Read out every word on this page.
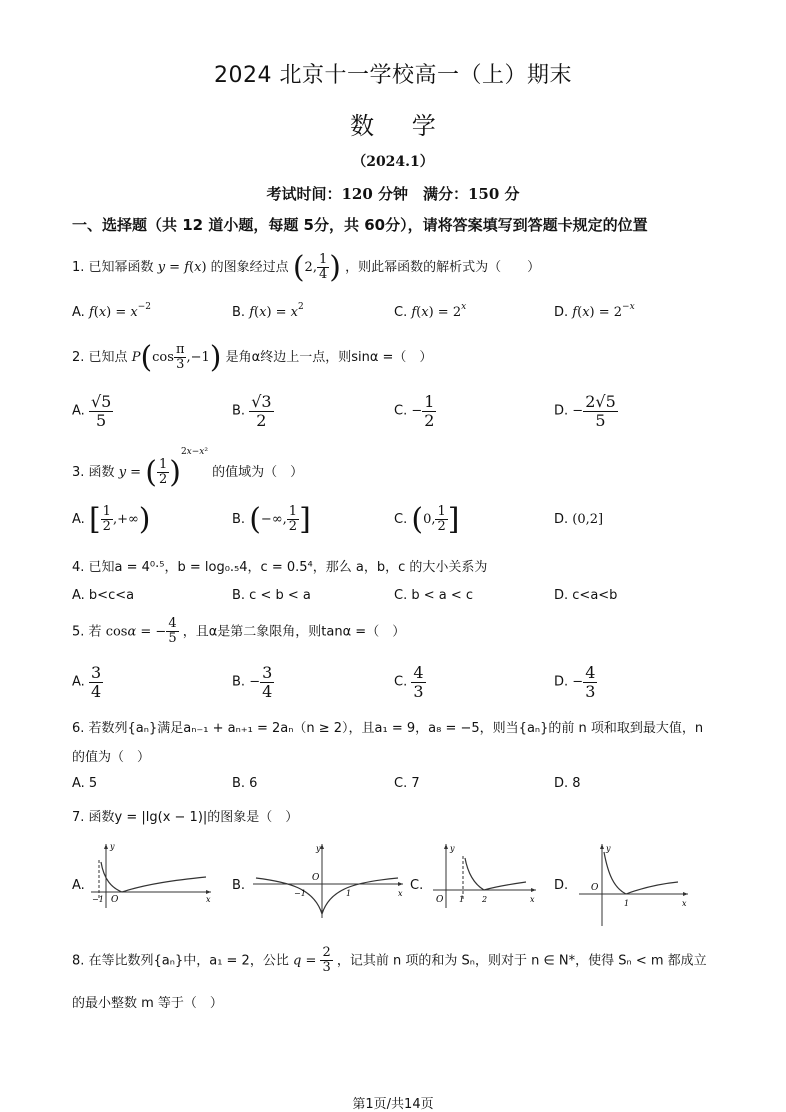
2024 北京十一学校高一（上）期末
数 学
（2024.1）
考试时间：120 分钟　满分：150 分
一、选择题（共 12 道小题，每题 5分，共 60分），请将答案填写到答题卡规定的位置
1. 已知幂函数 y = f(x) 的图象经过点 (2, $\frac{1}{4}$ ) ，则此幂函数的解析式为（　　）
A. $f(x) = x^{-2}$	B. $f(x) = x^2$	C. $f(x) = 2^x$	D. $f(x) = 2^{-x}$
2. 已知点 $P(\cos \frac{\pi}{3} ,-1)$ 是角α终边上一点，则sinα =（　）
A. $\frac{√5}{5}$	B. $\frac{√3}{2}$	C. − $\frac{1}{2}$	D. − $\frac{2√5}{5}$
3. 函数 y = ( $\frac{1}{2} )^{2x-x^2}$ 的值域为（　）
A. [ $\frac{1}{2}$ ,+∞)	B. (−∞, $\frac{1}{2}$ ]	C. (0, $\frac{1}{2}$ ]	D. (0,2]
4. 已知a = 4⁰·⁵，b = log₀.₅4，c = 0.5⁴，那么 a，b，c 的大小关系为
A. b<c<a	B. c < b < a	C. b < a < c	D. c<a<b
5. 若 cosα = − $\frac{4}{5}$ ，且α是第二象限角，则tanα =（　）
A. $\frac{3}{4}$	B. − $\frac{3}{4}$	C. $\frac{4}{3}$	D. − $\frac{4}{3}$
6. 若数列{aₙ}满足aₙ₋₁ + aₙ₊₁ = 2aₙ（n ≥ 2），且a₁ = 9，a₈ = −5，则当{aₙ}的前 n 项和取到最大值，n
的值为（　）
A. 5	B. 6	C. 7	D. 8
7. 函数y = |lg(x − 1)|的图象是（　）
A.
O
−1	x
y
B.	O
−1	1	x
y
C.
O 1 2	x
y
D.	O
1	x
y
8. 在等比数列{aₙ}中，a₁ = 2，公比 $q = \frac{2}{3}$ ，记其前 n 项的和为 Sₙ，则对于 n ∈ N*，使得 Sₙ < m 都成立
的最小整数 m 等于（　）
第1页/共14页
